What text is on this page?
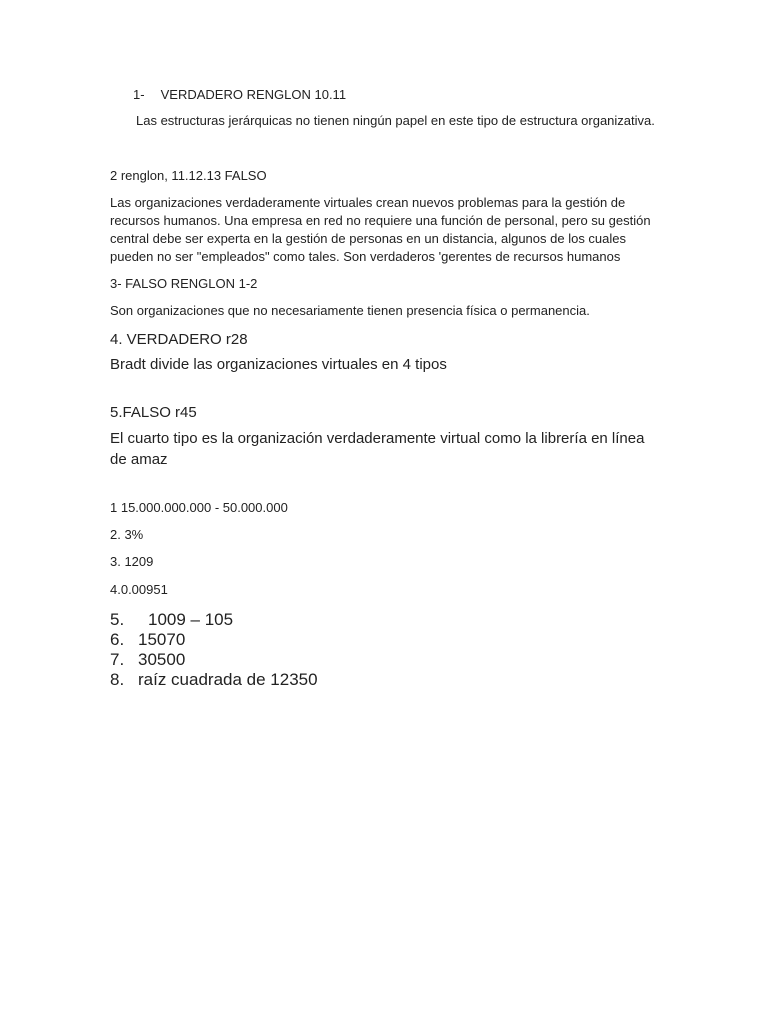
1- VERDADERO RENGLON 10.11
Las estructuras jerárquicas no tienen ningún papel en este tipo de estructura organizativa.
2 renglon, 11.12.13 FALSO
Las organizaciones verdaderamente virtuales crean nuevos problemas para la gestión de recursos humanos. Una empresa en red no requiere una función de personal, pero su gestión central debe ser experta en la gestión de personas en un distancia, algunos de los cuales pueden no ser "empleados" como tales. Son verdaderos 'gerentes de recursos humanos
3- FALSO RENGLON 1-2
Son organizaciones que no necesariamente tienen presencia física o permanencia.
4. VERDADERO r28
Bradt divide las organizaciones virtuales en 4 tipos
5.FALSO r45
El cuarto tipo es la organización verdaderamente virtual como la librería en línea de amaz
1 15.000.000.000 - 50.000.000
2. 3%
3. 1209
4.0.00951
5. 1009 – 105
6. 15070
7. 30500
8. raíz cuadrada de 12350
